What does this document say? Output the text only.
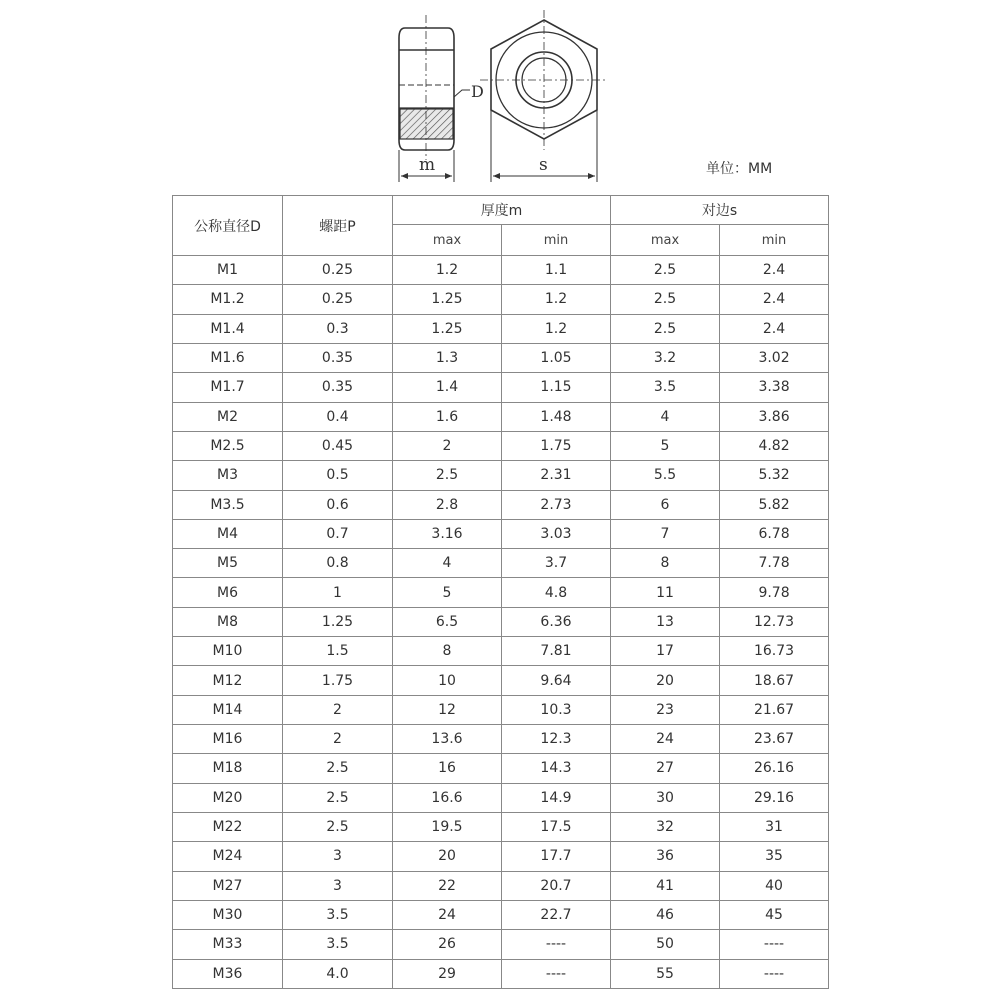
m
D
s	单位：MM
公称直径D	螺距P	厚度m		对边s	
		max	min	max	min
M1	0.25	1.2	1.1	2.5	2.4
M1.2	0.25	1.25	1.2	2.5	2.4
M1.4	0.3	1.25	1.2	2.5	2.4
M1.6	0.35	1.3	1.05	3.2	3.02
M1.7	0.35	1.4	1.15	3.5	3.38
M2	0.4	1.6	1.48	4	3.86
M2.5	0.45	2	1.75	5	4.82
M3	0.5	2.5	2.31	5.5	5.32
M3.5	0.6	2.8	2.73	6	5.82
M4	0.7	3.16	3.03	7	6.78
M5	0.8	4	3.7	8	7.78
M6	1	5	4.8	11	9.78
M8	1.25	6.5	6.36	13	12.73
M10	1.5	8	7.81	17	16.73
M12	1.75	10	9.64	20	18.67
M14	2	12	10.3	23	21.67
M16	2	13.6	12.3	24	23.67
M18	2.5	16	14.3	27	26.16
M20	2.5	16.6	14.9	30	29.16
M22	2.5	19.5	17.5	32	31
M24	3	20	17.7	36	35
M27	3	22	20.7	41	40
M30	3.5	24	22.7	46	45
M33	3.5	26	----	50	----
M36	4.0	29	----	55	----
